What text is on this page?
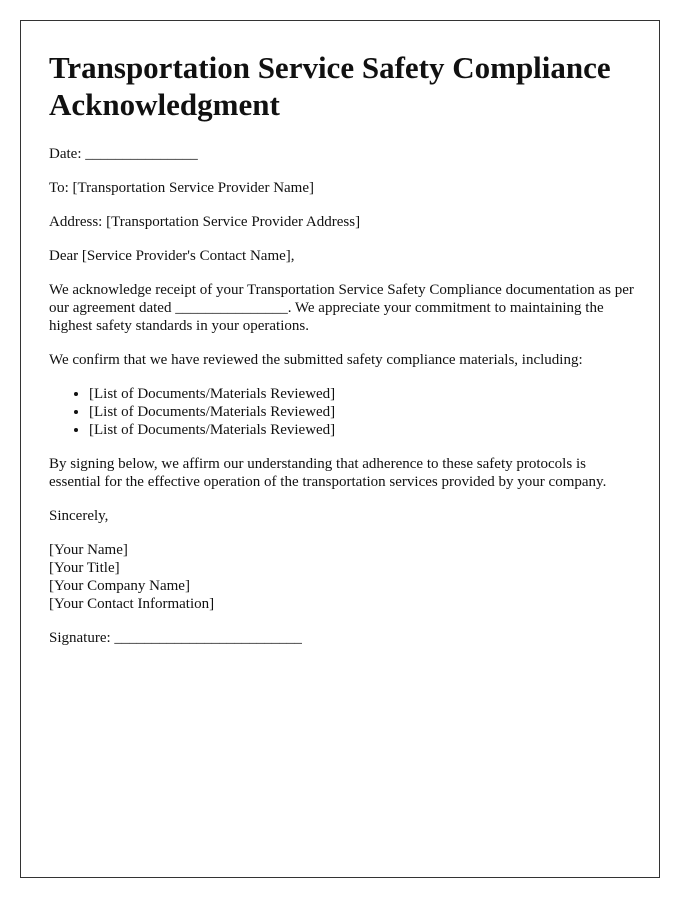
Transportation Service Safety Compliance Acknowledgment

Date: _______________

To: [Transportation Service Provider Name]

Address: [Transportation Service Provider Address]

Dear [Service Provider's Contact Name],

We acknowledge receipt of your Transportation Service Safety Compliance documentation as per our agreement dated _______________. We appreciate your commitment to maintaining the highest safety standards in your operations.

We confirm that we have reviewed the submitted safety compliance materials, including:

• [List of Documents/Materials Reviewed]
• [List of Documents/Materials Reviewed]
• [List of Documents/Materials Reviewed]

By signing below, we affirm our understanding that adherence to these safety protocols is essential for the effective operation of the transportation services provided by your company.

Sincerely,

[Your Name]

[Your Title]

[Your Company Name]

[Your Contact Information]

Signature: _________________________
